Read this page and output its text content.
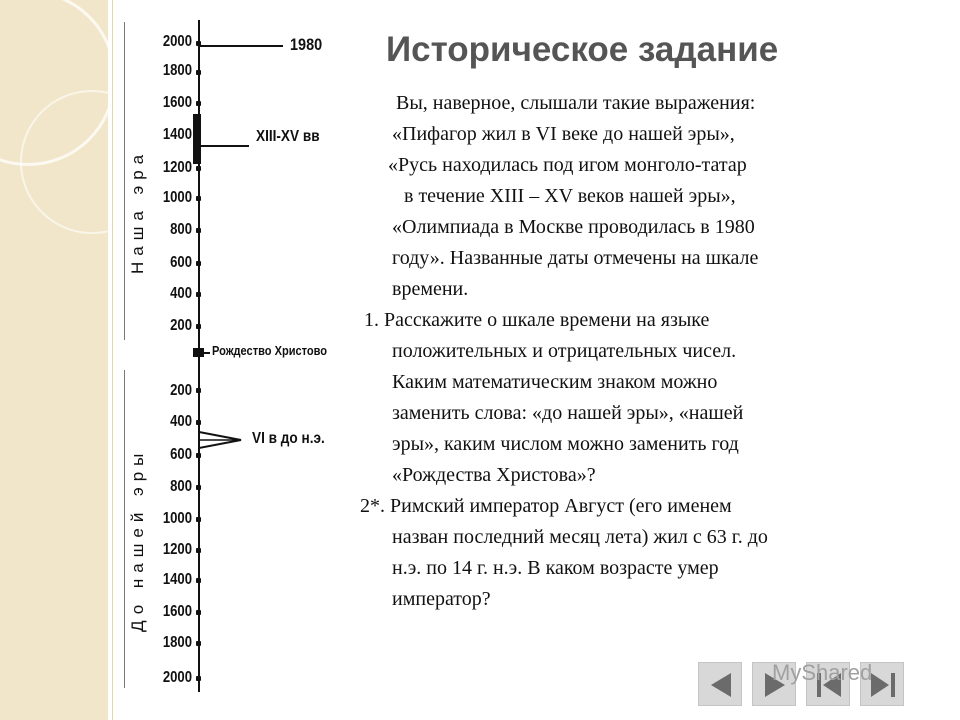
Наша эра
До нашей эры
2000
1800
1600
1400
1200
1000
800
600
400
200
200
400
600
800
1000
1200
1400
1600
1800
2000
1980
XIII-XV вв
Рождество Христово
VI в до н.э.
Историческое задание

Вы, наверное, слышали такие выражения:

«Пифагор жил в VI веке до нашей эры»,

«Русь находилась под игом монголо-татар

в течение XIII – XV веков нашей эры»,

«Олимпиада в Москве проводилась в 1980

году». Названные даты отмечены на шкале

времени.

1. Расскажите о шкале времени на языке

положительных и отрицательных чисел.

Каким математическим знаком можно

заменить слова: «до нашей эры», «нашей

эры», каким числом можно заменить год

«Рождества Христова»?

2*. Римский император Август (его именем

назван последний месяц лета) жил с 63 г. до

н.э. по 14 г. н.э. В каком возрасте умер

император?

MyShared
